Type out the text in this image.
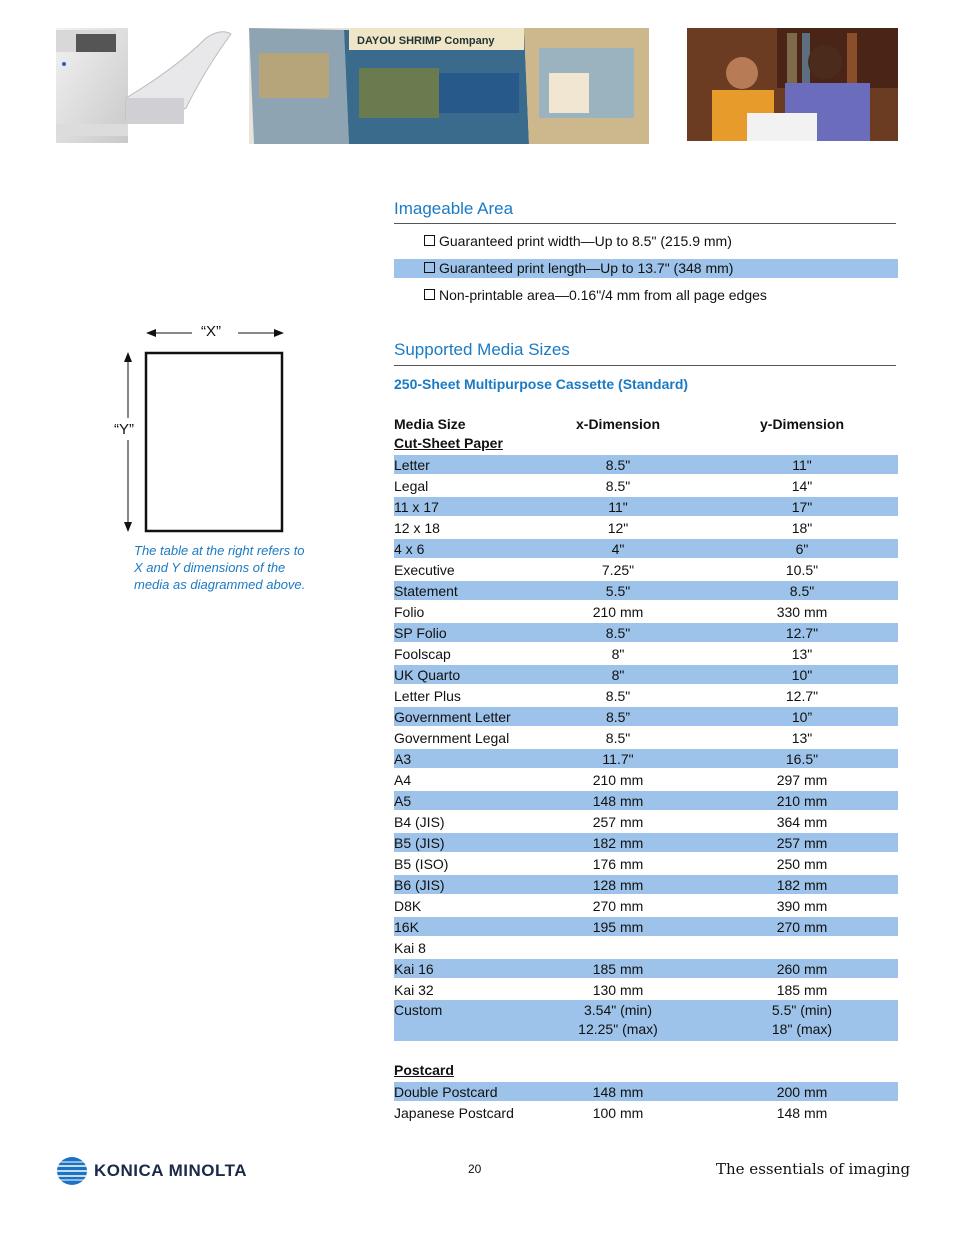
DAYOU SHRIMP Company
Imageable Area
Guaranteed print width—Up to 8.5" (215.9 mm)
Guaranteed print length—Up to 13.7" (348 mm)
Non-printable area—0.16"/4 mm from all page edges
“X”
“Y”
The table at the right refers to X and Y dimensions of the media as diagrammed above.
Supported Media Sizes
250-Sheet Multipurpose Cassette (Standard)
Media Size	x-Dimension	y-Dimension
Cut-Sheet Paper
Letter	8.5"	11"
Legal	8.5"	14"
11 x 17	11"	17"
12 x 18	12"	18"
4 x 6	4"	6"
Executive	7.25"	10.5"
Statement	5.5"	8.5"
Folio	210 mm	330 mm
SP Folio	8.5"	12.7"
Foolscap	8"	13"
UK Quarto	8"	10"
Letter Plus	8.5"	12.7"
Government Letter	8.5”	10”
Government Legal	8.5"	13"
A3	11.7"	16.5"
A4	210 mm	297 mm
A5	148 mm	210 mm
B4 (JIS)	257 mm	364 mm
B5 (JIS)	182 mm	257 mm
B5 (ISO)	176 mm	250 mm
B6 (JIS)	128 mm	182 mm
D8K	270 mm	390 mm
16K	195 mm	270 mm
Kai 8
Kai 16	185 mm	260 mm
Kai 32	130 mm	185 mm
Custom	3.54" (min)	5.5" (min)
12.25" (max)	18" (max)
Postcard
Double Postcard	148 mm	200 mm
Japanese Postcard	100 mm	148 mm
KONICA MINOLTA	20	The essentials of imaging
